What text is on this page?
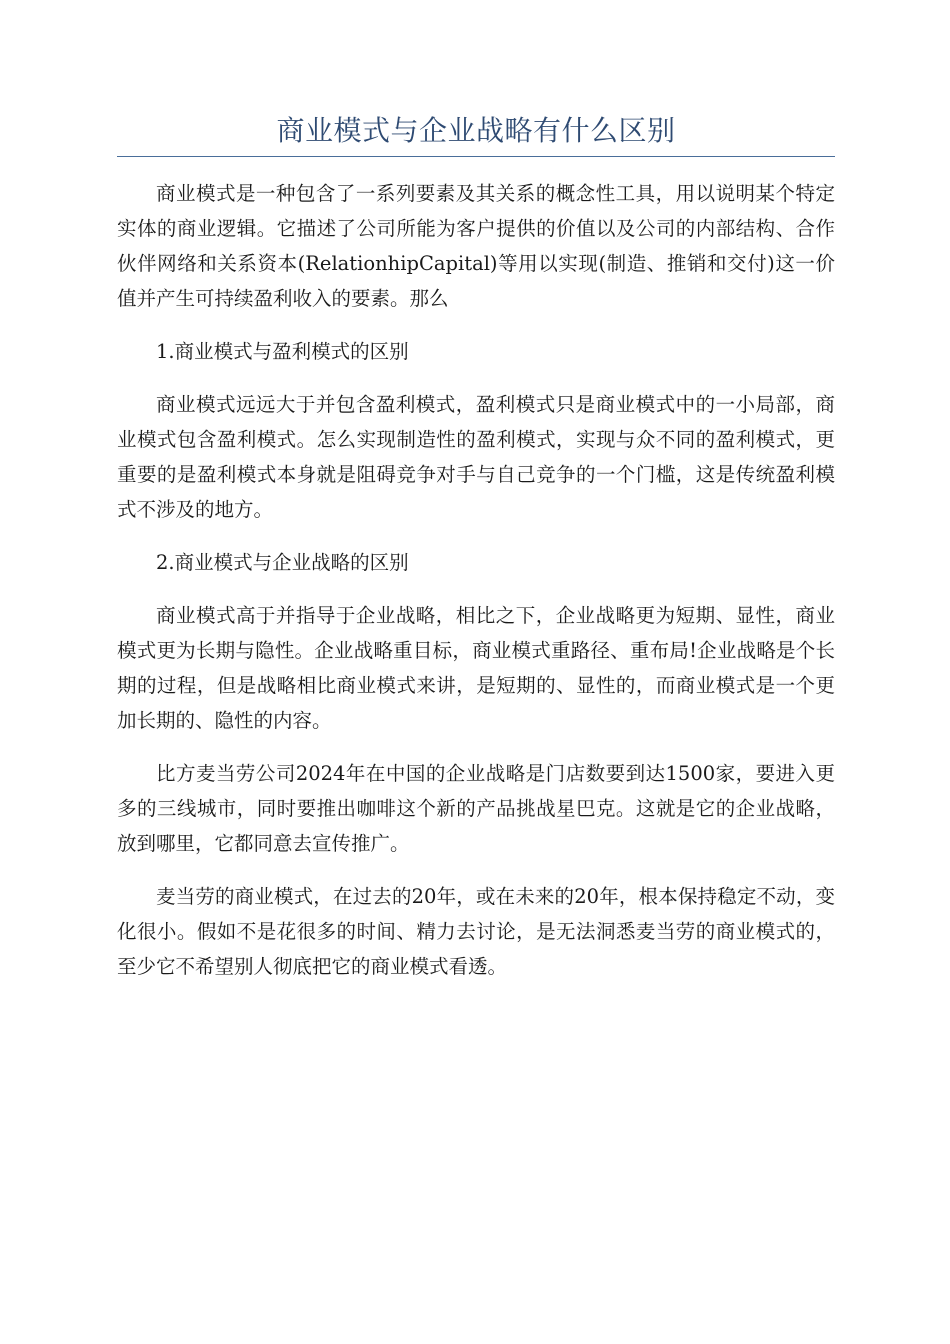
商业模式与企业战略有什么区别

商业模式是一种包含了一系列要素及其关系的概念性工具，用以说明某个特定实体的商业逻辑。它描述了公司所能为客户提供的价值以及公司的内部结构、合作伙伴网络和关系资本(RelationhipCapital)等用以实现(制造、推销和交付)这一价值并产生可持续盈利收入的要素。那么

1.商业模式与盈利模式的区别

商业模式远远大于并包含盈利模式，盈利模式只是商业模式中的一小局部，商业模式包含盈利模式。怎么实现制造性的盈利模式，实现与众不同的盈利模式，更重要的是盈利模式本身就是阻碍竞争对手与自己竞争的一个门槛，这是传统盈利模式不涉及的地方。

2.商业模式与企业战略的区别

商业模式高于并指导于企业战略，相比之下，企业战略更为短期、显性，商业模式更为长期与隐性。企业战略重目标，商业模式重路径、重布局!企业战略是个长期的过程，但是战略相比商业模式来讲，是短期的、显性的，而商业模式是一个更加长期的、隐性的内容。

比方麦当劳公司2024年在中国的企业战略是门店数要到达1500家，要进入更多的三线城市，同时要推出咖啡这个新的产品挑战星巴克。这就是它的企业战略，放到哪里，它都同意去宣传推广。

麦当劳的商业模式，在过去的20年，或在未来的20年，根本保持稳定不动，变化很小。假如不是花很多的时间、精力去讨论，是无法洞悉麦当劳的商业模式的，至少它不希望别人彻底把它的商业模式看透。
